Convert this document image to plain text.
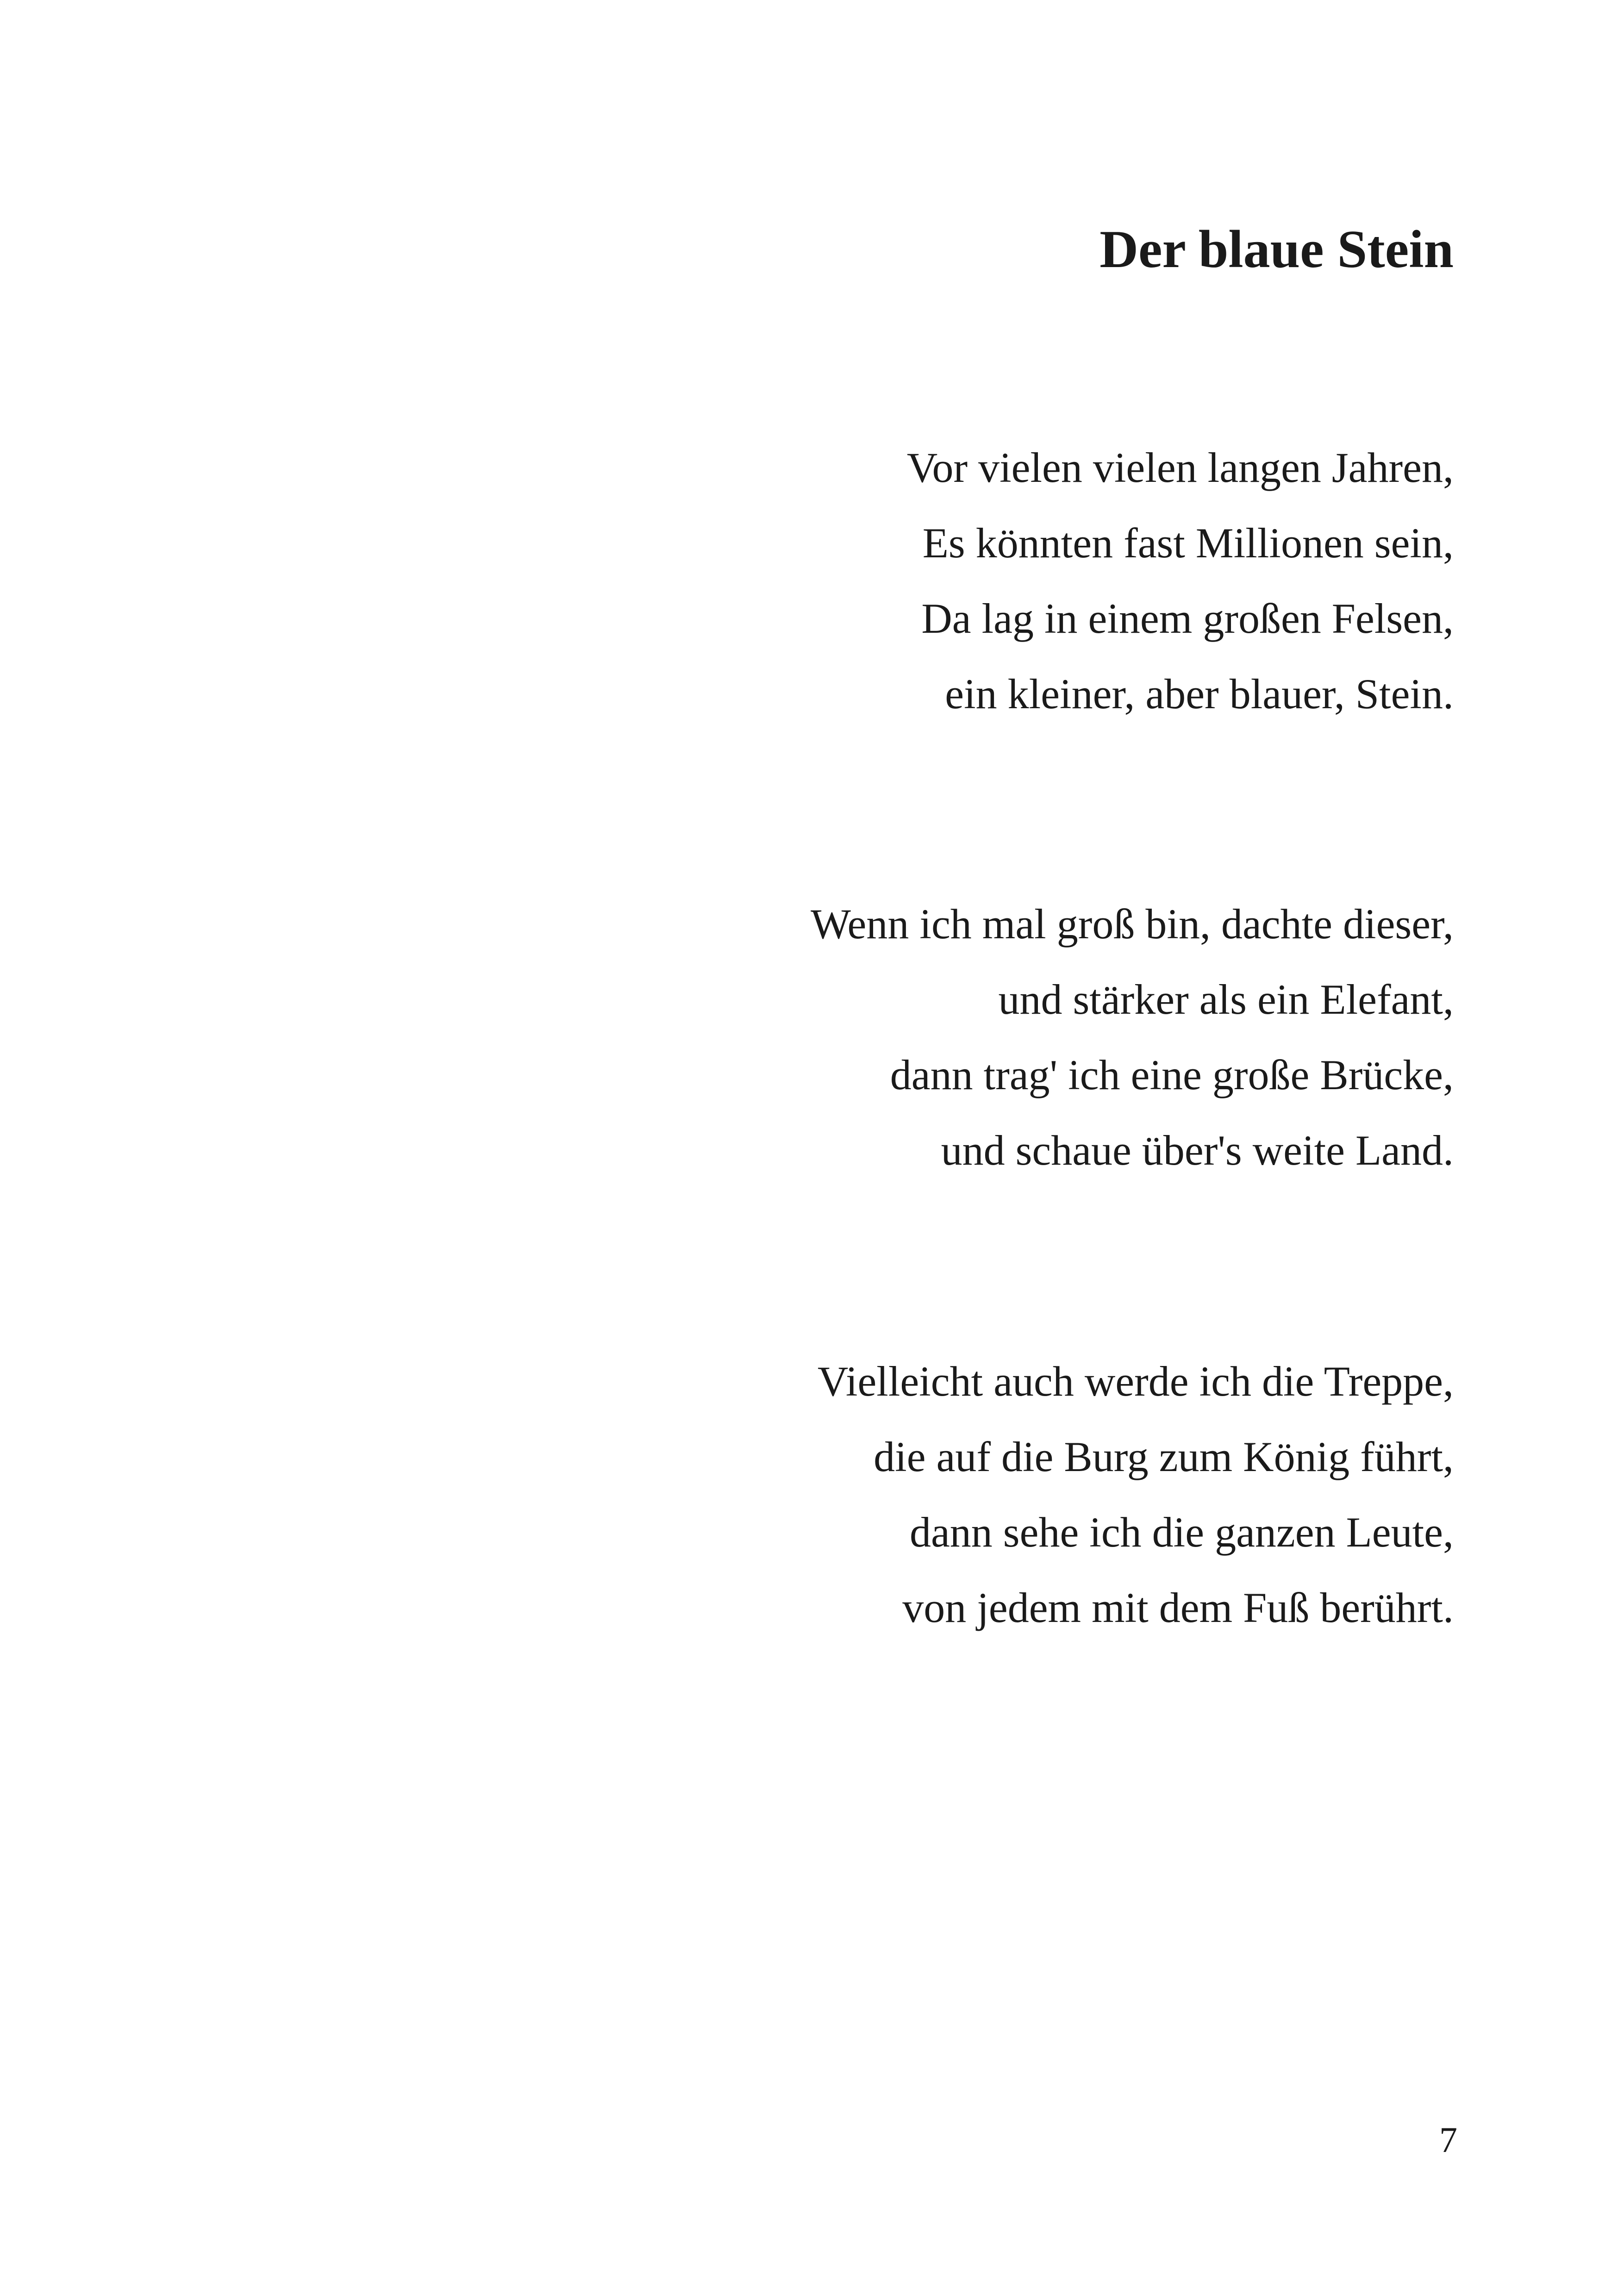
Der blaue Stein
Vor vielen vielen langen Jahren,
Es könnten fast Millionen sein,
Da lag in einem großen Felsen,
ein kleiner, aber blauer, Stein.
Wenn ich mal groß bin, dachte dieser,
und stärker als ein Elefant,
dann trag' ich eine große Brücke,
und schaue über's weite Land.
Vielleicht auch werde ich die Treppe,
die auf die Burg zum König führt,
dann sehe ich die ganzen Leute,
von jedem mit dem Fuß berührt.
7
